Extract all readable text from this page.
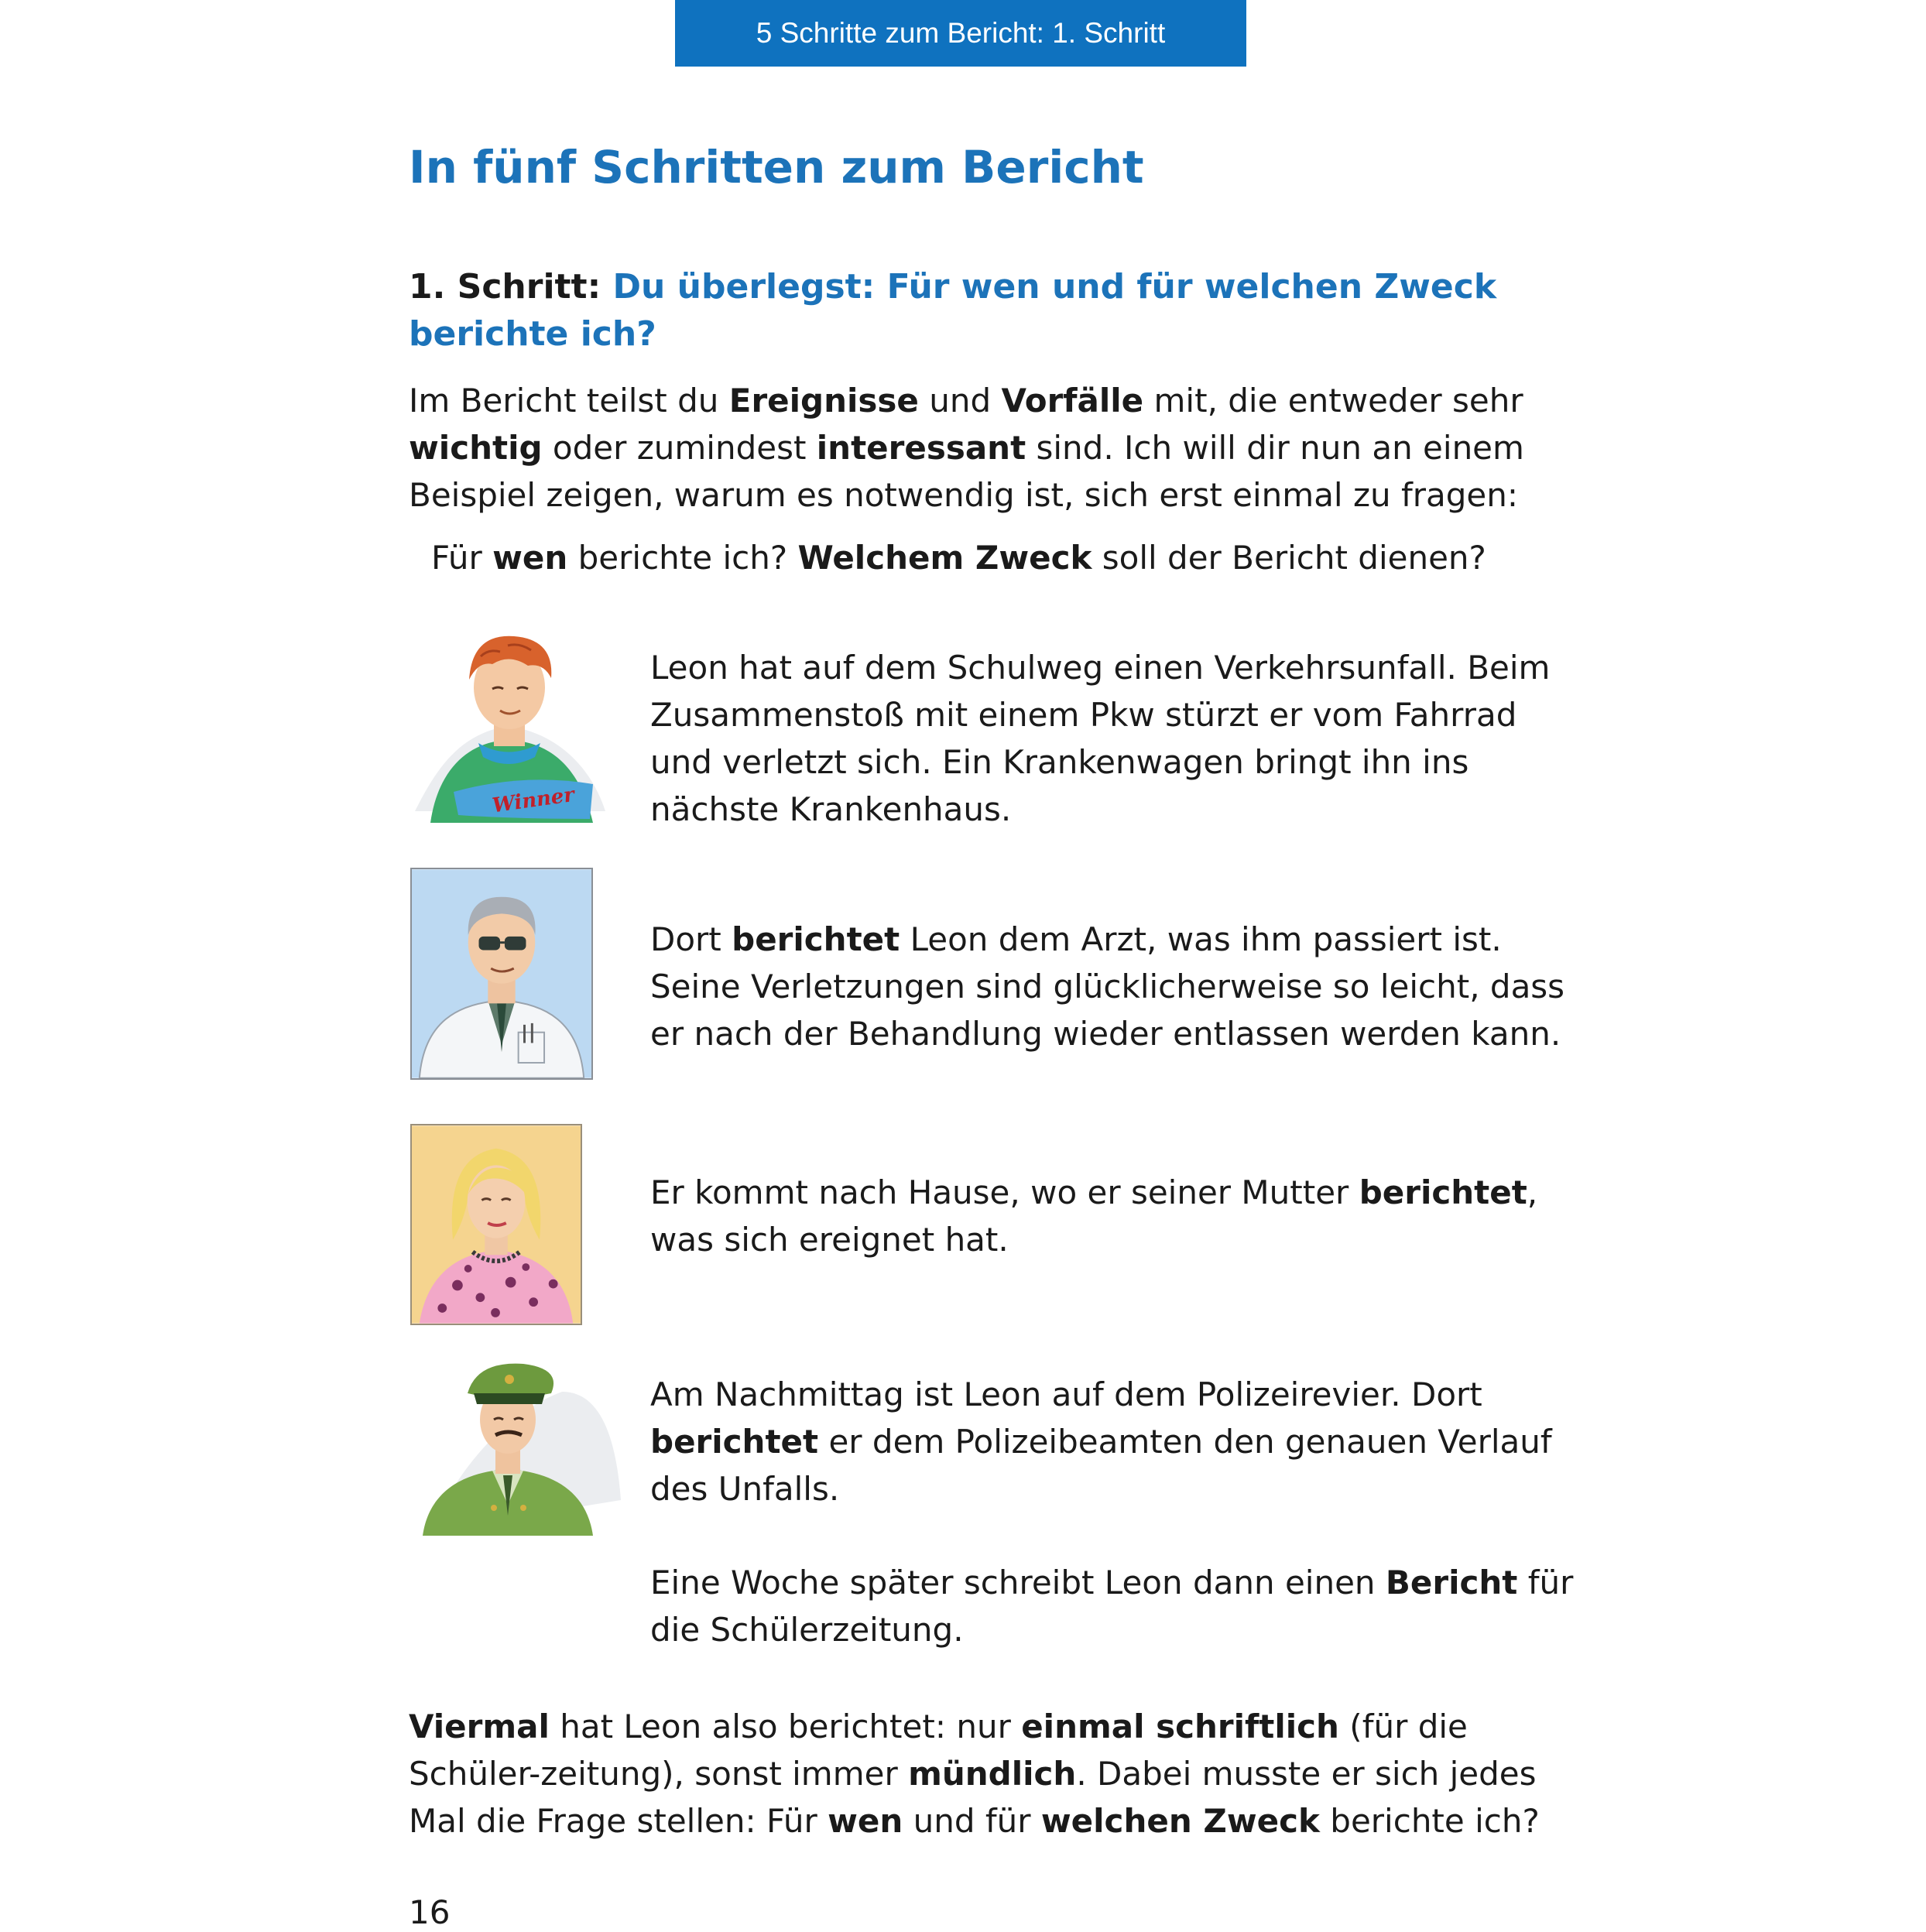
5 Schritte zum Bericht: 1. Schritt
In fünf Schritten zum Bericht
1. Schritt: Du überlegst: Für wen und für welchen Zweck berichte ich?

Im Bericht teilst du Ereignisse und Vorfälle mit, die entweder sehr wichtig oder zumindest interessant sind. Ich will dir nun an einem Beispiel zeigen, warum es notwendig ist, sich erst einmal zu fragen:

Für wen berichte ich? Welchem Zweck soll der Bericht dienen?

Winner

Leon hat auf dem Schulweg einen Verkehrsunfall. Beim Zusammenstoß mit einem Pkw stürzt er vom Fahrrad und verletzt sich. Ein Krankenwagen bringt ihn ins nächste Krankenhaus.

Dort berichtet Leon dem Arzt, was ihm passiert ist. Seine Verletzungen sind glücklicherweise so leicht, dass er nach der Behandlung wieder entlassen werden kann.

Er kommt nach Hause, wo er seiner Mutter berichtet, was sich ereignet hat.

Am Nachmittag ist Leon auf dem Polizeirevier. Dort berichtet er dem Polizeibeamten den genauen Verlauf des Unfalls.

Eine Woche später schreibt Leon dann einen Bericht für die Schülerzeitung.

Viermal hat Leon also berichtet: nur einmal schriftlich (für die Schüler-zeitung), sonst immer mündlich. Dabei musste er sich jedes Mal die Frage stellen: Für wen und für welchen Zweck berichte ich?

16
